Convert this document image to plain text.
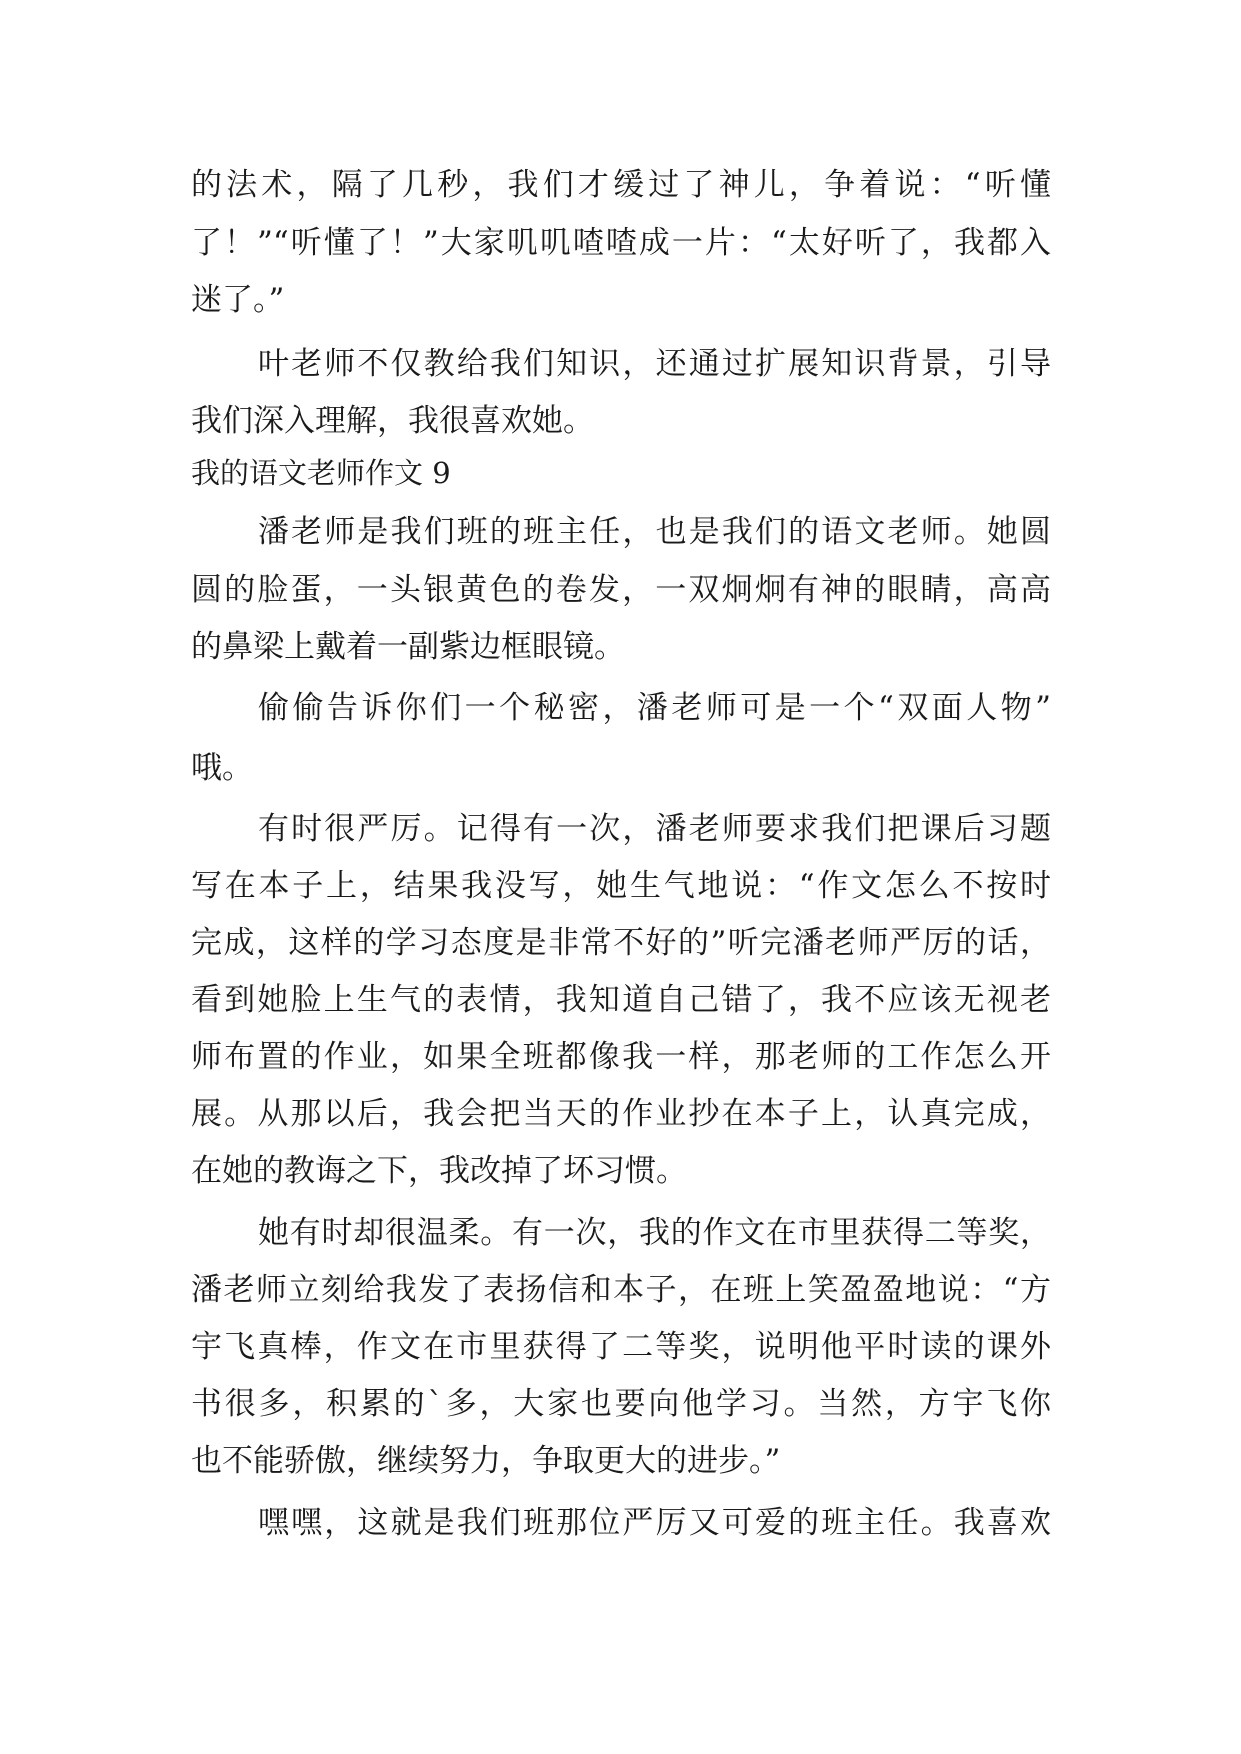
的法术，隔了几秒，我们才缓过了神儿，争着说：“听懂

了！”“听懂了！”大家叽叽喳喳成一片：“太好听了，我都入

迷了。”

叶老师不仅教给我们知识，还通过扩展知识背景，引导

我们深入理解，我很喜欢她。

我的语文老师作文 9

潘老师是我们班的班主任，也是我们的语文老师。她圆

圆的脸蛋，一头银黄色的卷发，一双炯炯有神的眼睛，高高

的鼻梁上戴着一副紫边框眼镜。

偷偷告诉你们一个秘密，潘老师可是一个“双面人物”

哦。

有时很严厉。记得有一次，潘老师要求我们把课后习题

写在本子上，结果我没写，她生气地说：“作文怎么不按时

完成，这样的学习态度是非常不好的”听完潘老师严厉的话，

看到她脸上生气的表情，我知道自己错了，我不应该无视老

师布置的作业，如果全班都像我一样，那老师的工作怎么开

展。从那以后，我会把当天的作业抄在本子上，认真完成，

在她的教诲之下，我改掉了坏习惯。

她有时却很温柔。有一次，我的作文在市里获得二等奖，

潘老师立刻给我发了表扬信和本子，在班上笑盈盈地说：“方

宇飞真棒，作文在市里获得了二等奖，说明他平时读的课外

书很多，积累的`多，大家也要向他学习。当然，方宇飞你

也不能骄傲，继续努力，争取更大的进步。”

嘿嘿，这就是我们班那位严厉又可爱的班主任。我喜欢
